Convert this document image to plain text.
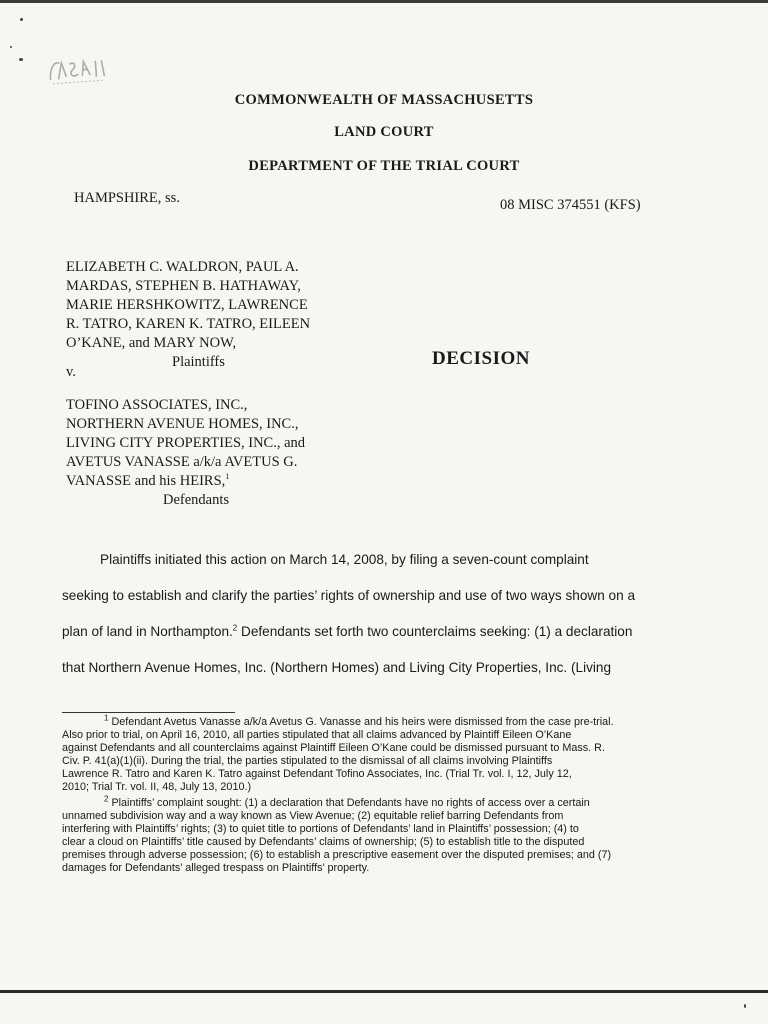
COMMONWEALTH OF MASSACHUSETTS
LAND COURT
DEPARTMENT OF THE TRIAL COURT
HAMPSHIRE, ss.	08 MISC 374551 (KFS)
ELIZABETH C. WALDRON, PAUL A.
MARDAS, STEPHEN B. HATHAWAY,
MARIE HERSHKOWITZ, LAWRENCE
R. TATRO, KAREN K. TATRO, EILEEN
O’KANE, and MARY NOW,
Plaintiffs
v.
DECISION
TOFINO ASSOCIATES, INC.,
NORTHERN AVENUE HOMES, INC.,
LIVING CITY PROPERTIES, INC., and
AVETUS VANASSE a/k/a AVETUS G.
VANASSE and his HEIRS,$^1$
Defendants
Plaintiffs initiated this action on March 14, 2008, by filing a seven-count complaint
seeking to establish and clarify the parties’ rights of ownership and use of two ways shown on a
plan of land in Northampton.$^2$ Defendants set forth two counterclaims seeking: (1) a declaration
that Northern Avenue Homes, Inc. (Northern Homes) and Living City Properties, Inc. (Living
$^1$ Defendant Avetus Vanasse a/k/a Avetus G. Vanasse and his heirs were dismissed from the case pre-trial.
Also prior to trial, on April 16, 2010, all parties stipulated that all claims advanced by Plaintiff Eileen O’Kane
against Defendants and all counterclaims against Plaintiff Eileen O’Kane could be dismissed pursuant to Mass. R.
Civ. P. 41(a)(1)(ii). During the trial, the parties stipulated to the dismissal of all claims involving Plaintiffs
Lawrence R. Tatro and Karen K. Tatro against Defendant Tofino Associates, Inc. (Trial Tr. vol. I, 12, July 12,
2010; Trial Tr. vol. II, 48, July 13, 2010.)
$^2$ Plaintiffs’ complaint sought: (1) a declaration that Defendants have no rights of access over a certain
unnamed subdivision way and a way known as View Avenue; (2) equitable relief barring Defendants from
interfering with Plaintiffs’ rights; (3) to quiet title to portions of Defendants’ land in Plaintiffs’ possession; (4) to
clear a cloud on Plaintiffs’ title caused by Defendants’ claims of ownership; (5) to establish title to the disputed
premises through adverse possession; (6) to establish a prescriptive easement over the disputed premises; and (7)
damages for Defendants’ alleged trespass on Plaintiffs’ property.
